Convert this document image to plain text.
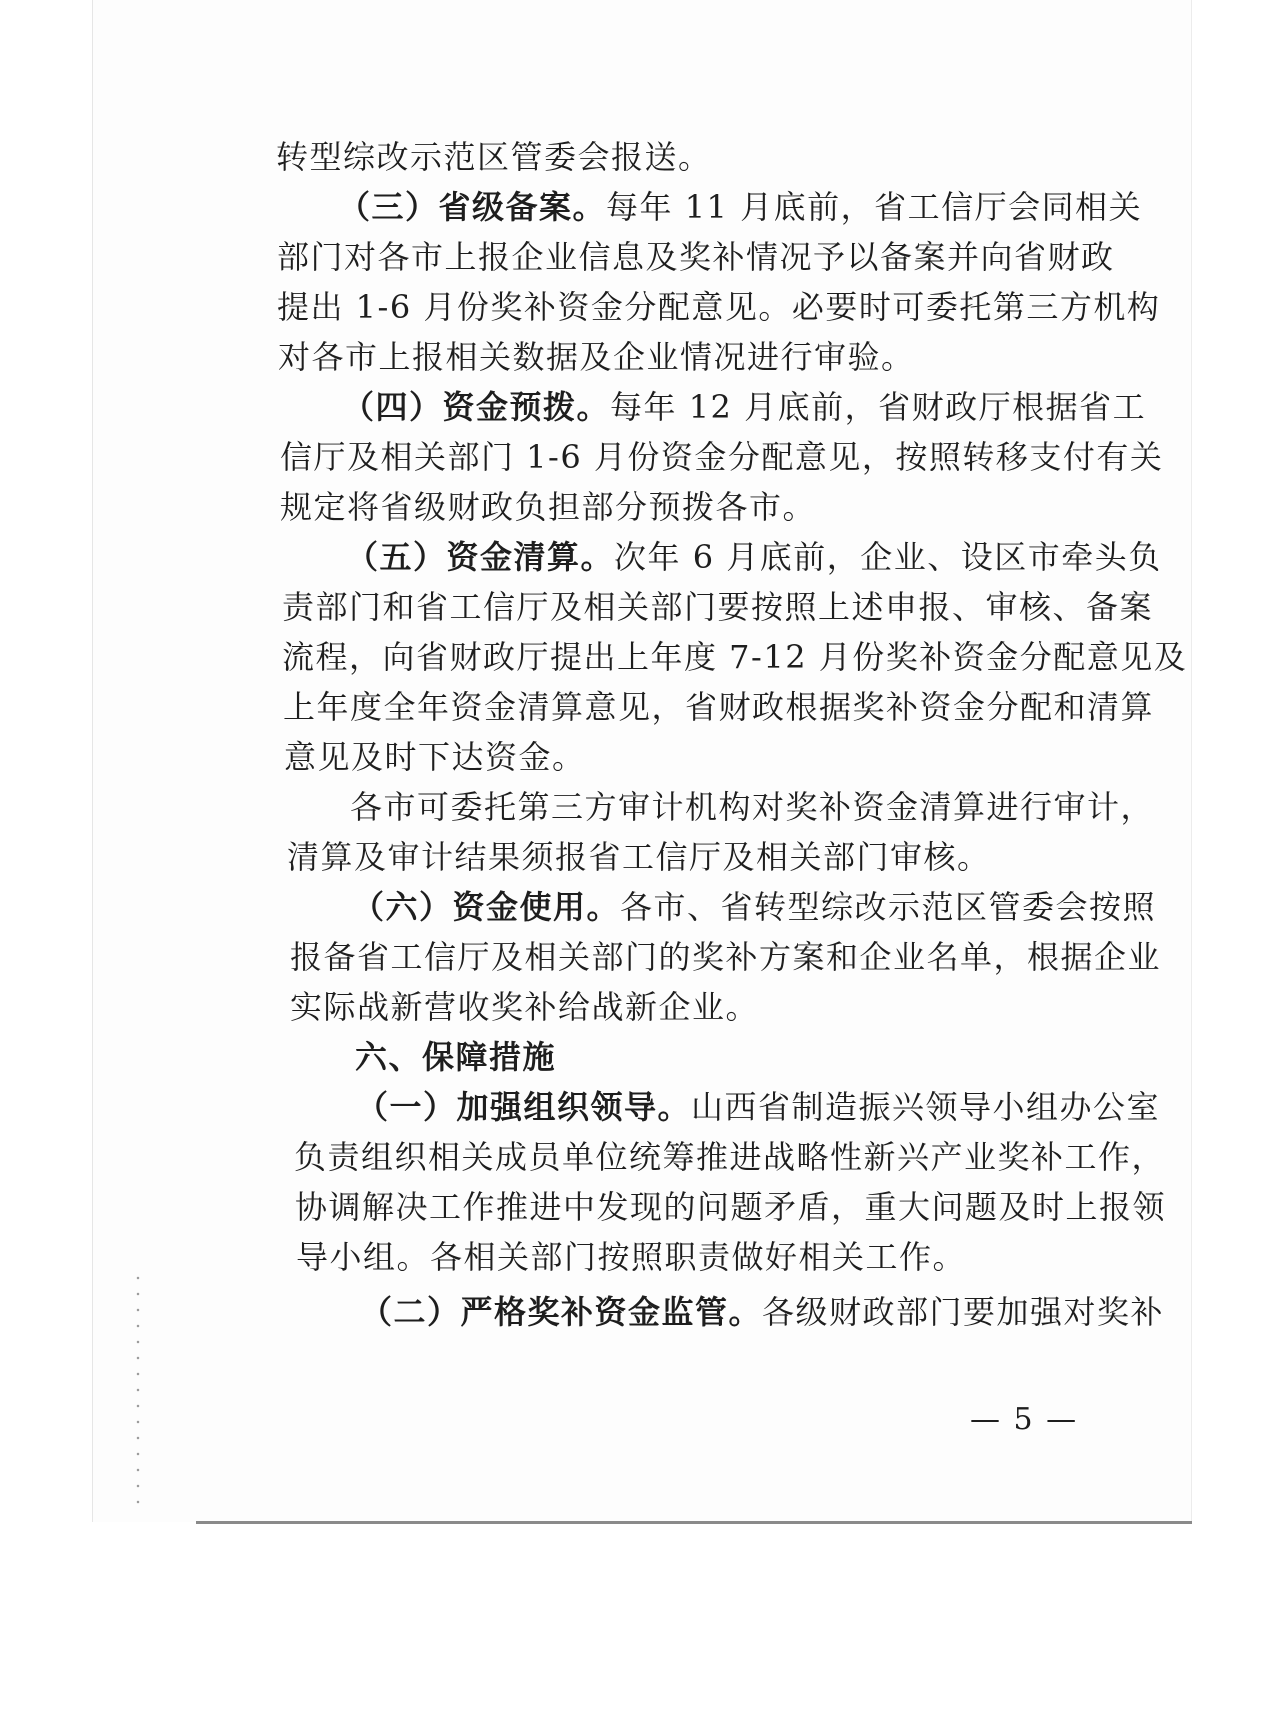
转型综改示范区管委会报送。
（三）省级备案。每年 11 月底前，省工信厅会同相关
部门对各市上报企业信息及奖补情况予以备案并向省财政
提出 1-6 月份奖补资金分配意见。必要时可委托第三方机构
对各市上报相关数据及企业情况进行审验。
（四）资金预拨。每年 12 月底前，省财政厅根据省工
信厅及相关部门 1-6 月份资金分配意见，按照转移支付有关
规定将省级财政负担部分预拨各市。
（五）资金清算。次年 6 月底前，企业、设区市牵头负
责部门和省工信厅及相关部门要按照上述申报、审核、备案
流程，向省财政厅提出上年度 7-12 月份奖补资金分配意见及
上年度全年资金清算意见，省财政根据奖补资金分配和清算
意见及时下达资金。
各市可委托第三方审计机构对奖补资金清算进行审计，
清算及审计结果须报省工信厅及相关部门审核。
（六）资金使用。各市、省转型综改示范区管委会按照
报备省工信厅及相关部门的奖补方案和企业名单，根据企业
实际战新营收奖补给战新企业。
六、保障措施
（一）加强组织领导。山西省制造振兴领导小组办公室
负责组织相关成员单位统筹推进战略性新兴产业奖补工作，
协调解决工作推进中发现的问题矛盾，重大问题及时上报领
导小组。各相关部门按照职责做好相关工作。
（二）严格奖补资金监管。各级财政部门要加强对奖补
— 5 —
